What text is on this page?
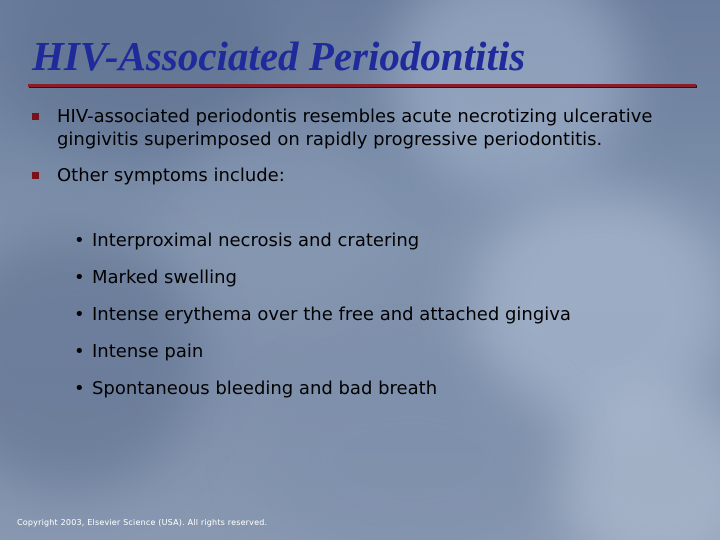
HIV-Associated Periodontitis
HIV-associated periodontis resembles acute necrotizing ulcerative gingivitis superimposed on rapidly progressive periodontitis.
Other symptoms include:
• Interproximal necrosis and cratering
• Marked swelling
• Intense erythema over the free and attached gingiva
• Intense pain
• Spontaneous bleeding and bad breath
Copyright 2003, Elsevier Science (USA). All rights reserved.
